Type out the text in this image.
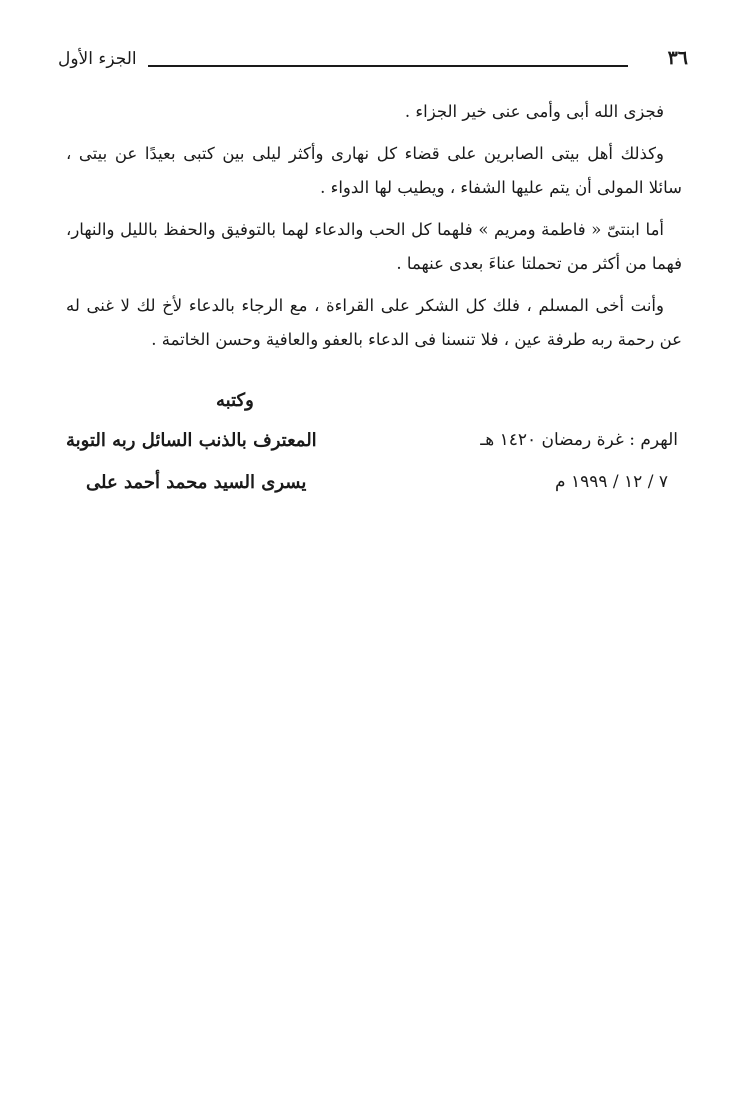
الجزء الأول	٣٦

فجزى الله أبى وأمى عنى خير الجزاء .

وكذلك أهل بيتى الصابرين على قضاء كل نهارى وأكثر ليلى بين كتبى بعيدًا عن بيتى ، سائلا المولى أن يتم عليها الشفاء ، ويطيب لها الدواء .

أما ابنتىّ « فاطمة ومريم » فلهما كل الحب والدعاء لهما بالتوفيق والحفظ بالليل والنهار، فهما من أكثر من تحملتا عناءَ بعدى عنهما .

وأنت أخى المسلم ، فلك كل الشكر على القراءة ، مع الرجاء بالدعاء لأخ لك لا غنى له عن رحمة ربه طرفة عين ، فلا تنسنا فى الدعاء بالعفو والعافية وحسن الخاتمة .

وكتبه
الهرم : غرة رمضان ١٤٢٠ هـ
المعترف بالذنب السائل ربه التوبة
٧ / ١٢ / ١٩٩٩ م
يسرى السيد محمد أحمد على
